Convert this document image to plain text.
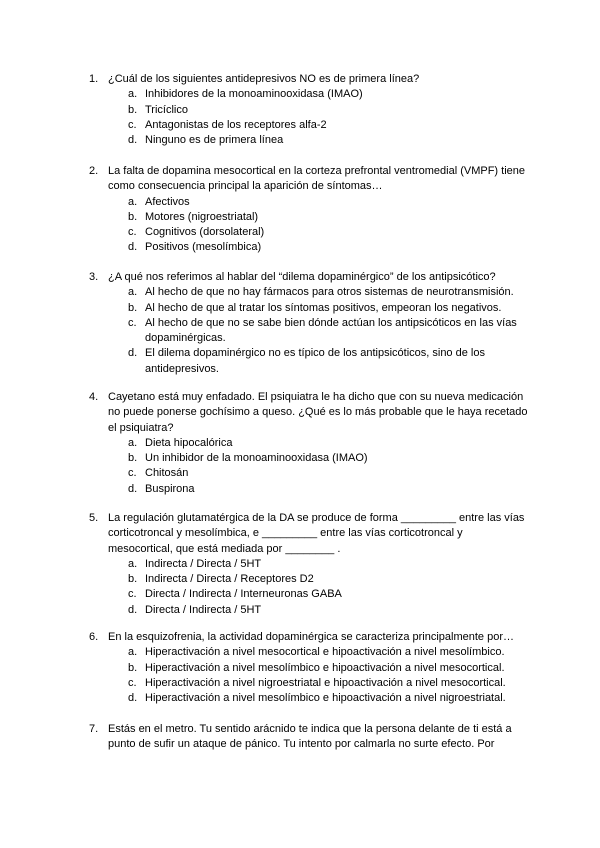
1. ¿Cuál de los siguientes antidepresivos NO es de primera línea?
a. Inhibidores de la monoaminooxidasa (IMAO)
b. Tricíclico
c. Antagonistas de los receptores alfa-2
d. Ninguno es de primera línea
2. La falta de dopamina mesocortical en la corteza prefrontal ventromedial (VMPF) tiene como consecuencia principal la aparición de síntomas…
a. Afectivos
b. Motores (nigroestriatal)
c. Cognitivos (dorsolateral)
d. Positivos (mesolímbica)
3. ¿A qué nos referimos al hablar del “dilema dopaminérgico” de los antipsicótico?
a. Al hecho de que no hay fármacos para otros sistemas de neurotransmisión.
b. Al hecho de que al tratar los síntomas positivos, empeoran los negativos.
c. Al hecho de que no se sabe bien dónde actúan los antipsicóticos en las vías dopaminérgicas.
d. El dilema dopaminérgico no es típico de los antipsicóticos, sino de los antidepresivos.
4. Cayetano está muy enfadado. El psiquiatra le ha dicho que con su nueva medicación no puede ponerse gochísimo a queso. ¿Qué es lo más probable que le haya recetado el psiquiatra?
a. Dieta hipocalórica
b. Un inhibidor de la monoaminooxidasa (IMAO)
c. Chitosán
d. Buspirona
5. La regulación glutamatérgica de la DA se produce de forma _________ entre las vías corticotroncal y mesolímbica, e _________ entre las vías corticotroncal y mesocortical, que está mediada por ________ .
a. Indirecta / Directa / 5HT
b. Indirecta / Directa / Receptores D2
c. Directa / Indirecta / Interneuronas GABA
d. Directa / Indirecta / 5HT
6. En la esquizofrenia, la actividad dopaminérgica se caracteriza principalmente por…
a. Hiperactivación a nivel mesocortical e hipoactivación a nivel mesolímbico.
b. Hiperactivación a nivel mesolímbico e hipoactivación a nivel mesocortical.
c. Hiperactivación a nivel nigroestriatal e hipoactivación a nivel mesocortical.
d. Hiperactivación a nivel mesolímbico e hipoactivación a nivel nigroestriatal.
7. Estás en el metro. Tu sentido arácnido te indica que la persona delante de ti está a punto de sufir un ataque de pánico. Tu intento por calmarla no surte efecto. Por
